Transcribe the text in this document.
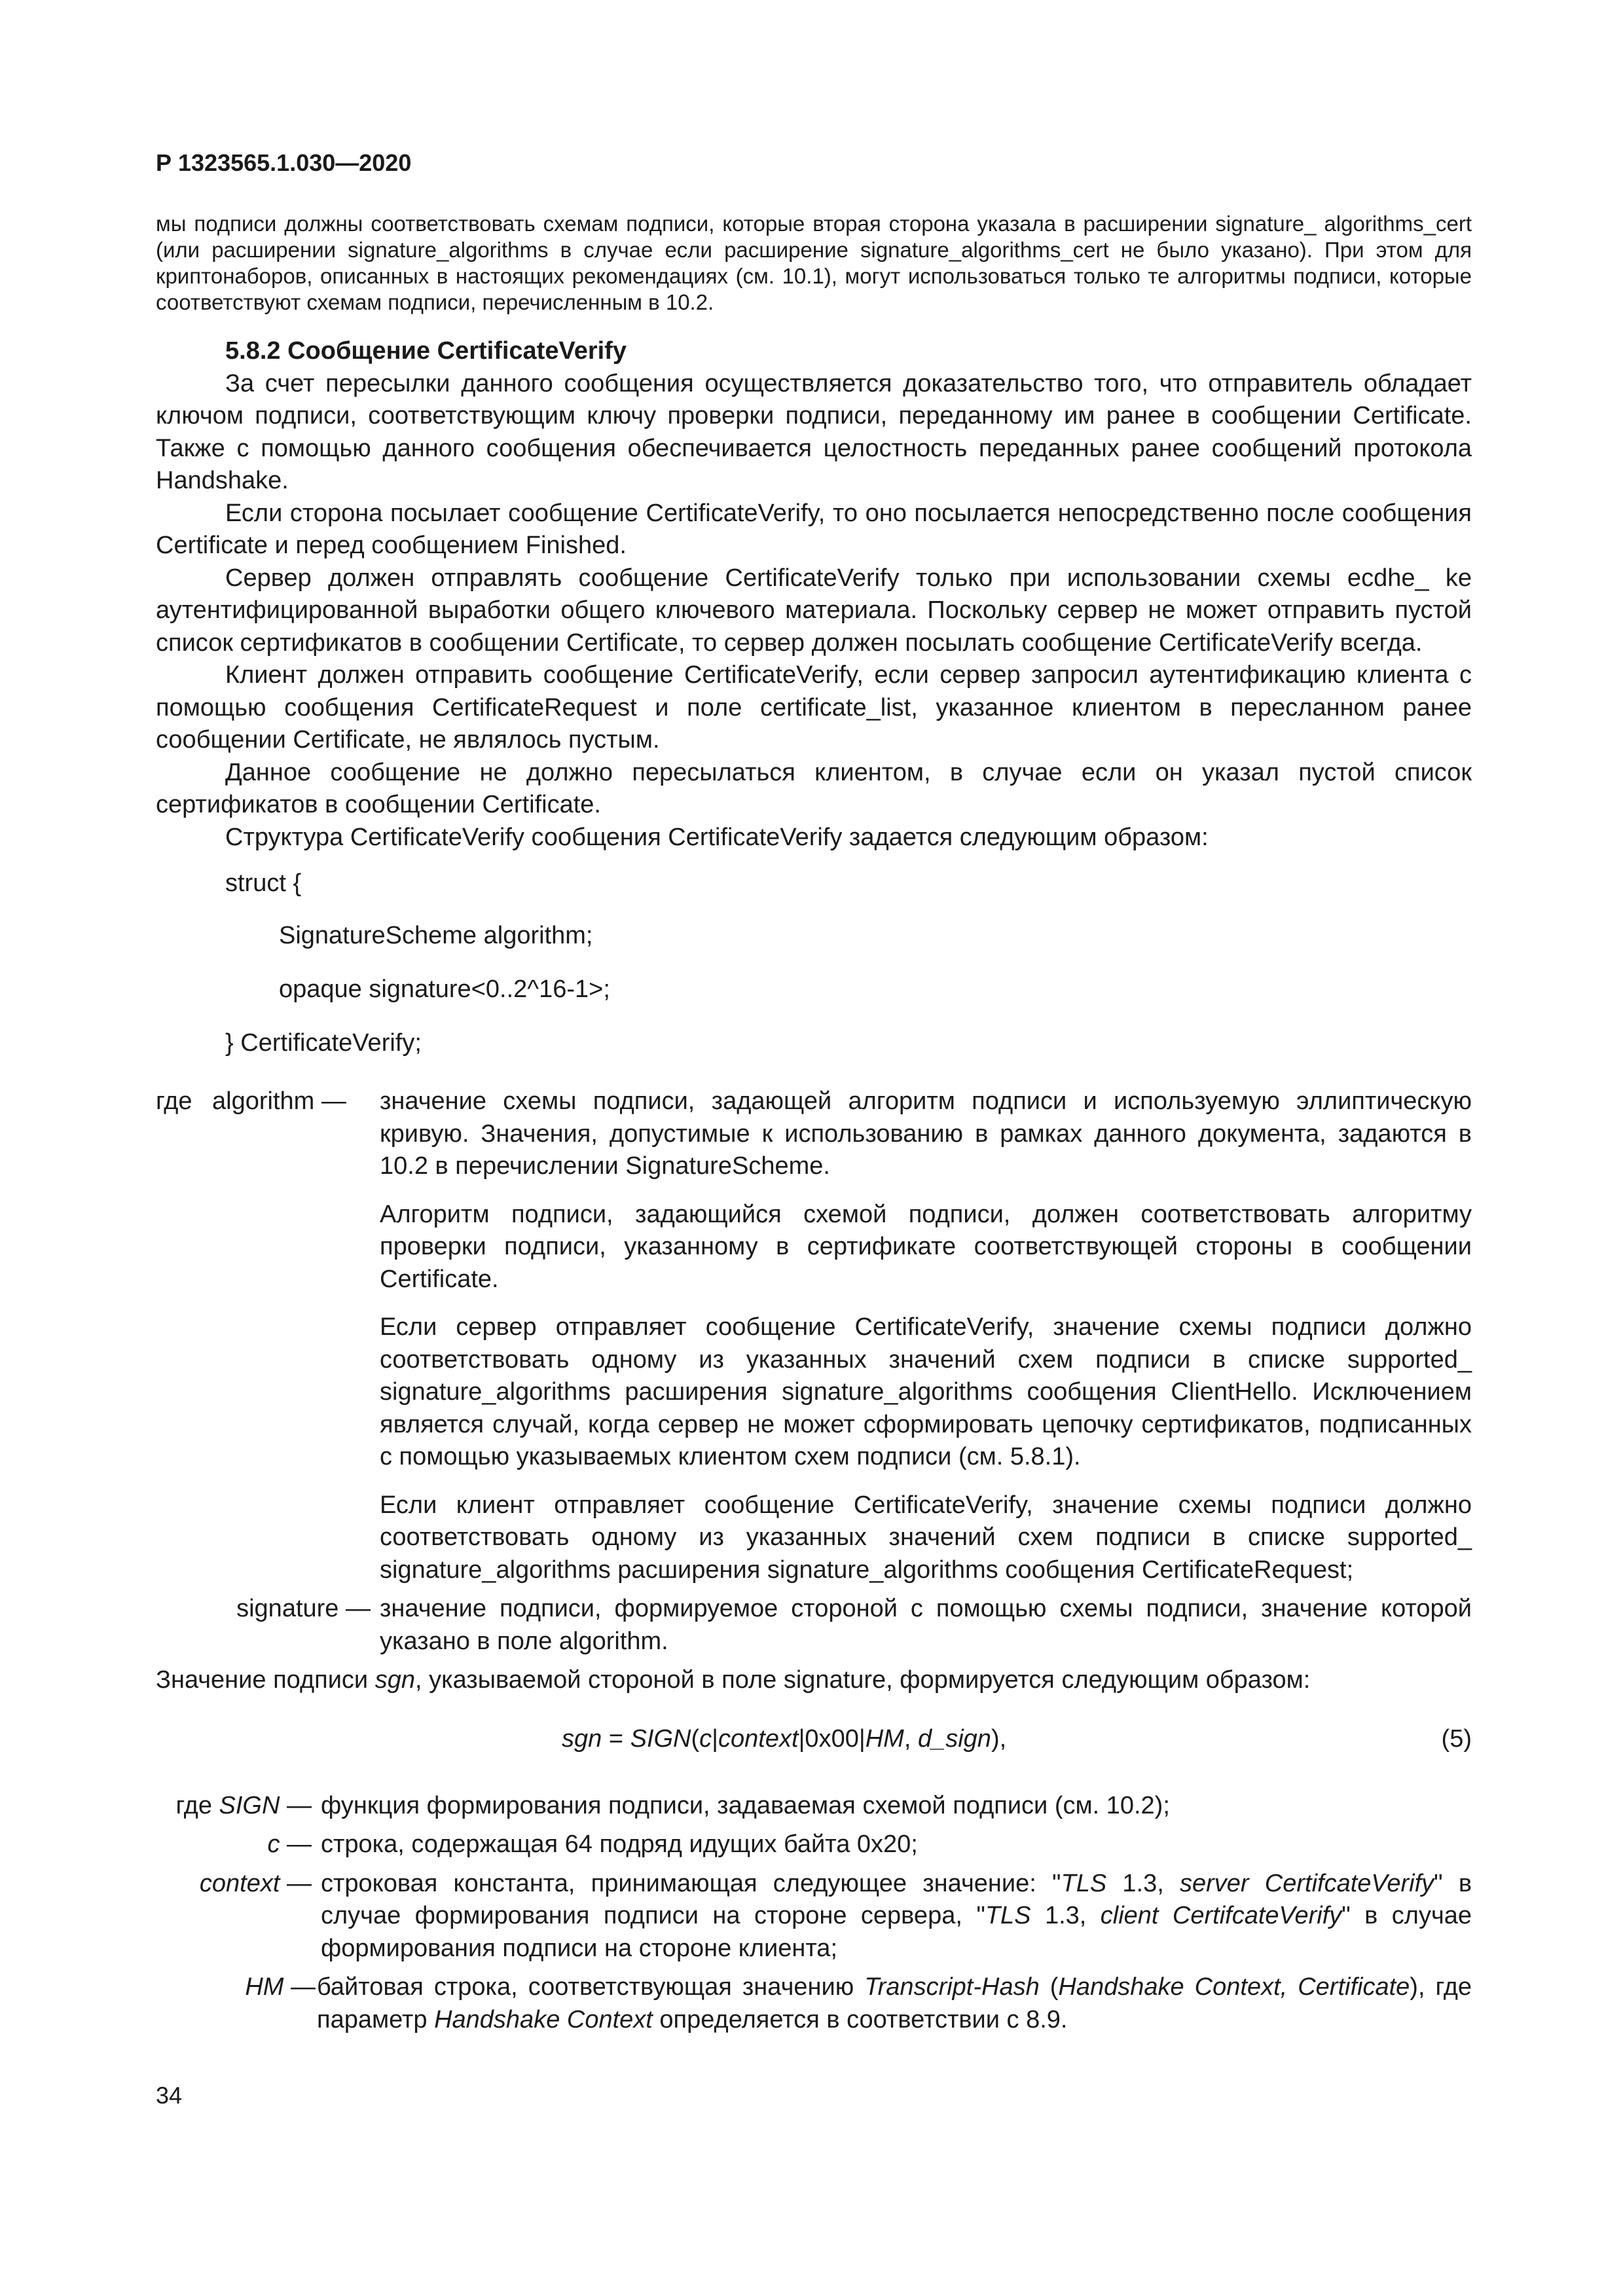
Р 1323565.1.030—2020

мы подписи должны соответствовать схемам подписи, которые вторая сторона указала в расширении signature_ algorithms_cert (или расширении signature_algorithms в случае если расширение signature_algorithms_cert не было указано). При этом для криптонаборов, описанных в настоящих рекомендациях (см. 10.1), могут использоваться только те алгоритмы подписи, которые соответствуют схемам подписи, перечисленным в 10.2.

5.8.2 Сообщение CertificateVerify

За счет пересылки данного сообщения осуществляется доказательство того, что отправитель обладает ключом подписи, соответствующим ключу проверки подписи, переданному им ранее в сообщении Certificate. Также с помощью данного сообщения обеспечивается целостность переданных ранее сообщений протокола Handshake.

Если сторона посылает сообщение CertificateVerify, то оно посылается непосредственно после сообщения Certificate и перед сообщением Finished.

Сервер должен отправлять сообщение CertificateVerify только при использовании схемы ecdhe_ ke аутентифицированной выработки общего ключевого материала. Поскольку сервер не может отправить пустой список сертификатов в сообщении Certificate, то сервер должен посылать сообщение CertificateVerify всегда.

Клиент должен отправить сообщение CertificateVerify, если сервер запросил аутентификацию клиента с помощью сообщения CertificateRequest и поле certificate_list, указанное клиентом в пересланном ранее сообщении Certificate, не являлось пустым.

Данное сообщение не должно пересылаться клиентом, в случае если он указал пустой список сертификатов в сообщении Certificate.

Структура CertificateVerify сообщения CertificateVerify задается следующим образом:

struct {
SignatureScheme algorithm;
opaque signature<0..2^16-1>;
} CertificateVerify;
где algorithm —	значение схемы подписи, задающей алгоритм подписи и используемую эллиптическую кривую. Значения, допустимые к использованию в рамках данного документа, задаются в 10.2 в перечислении SignatureScheme.

Алгоритм подписи, задающийся схемой подписи, должен соответствовать алгоритму проверки подписи, указанному в сертификате соответствующей стороны в сообщении Certificate.

Если сервер отправляет сообщение CertificateVerify, значение схемы подписи должно соответствовать одному из указанных значений схем подписи в списке supported_ signature_algorithms расширения signature_algorithms сообщения ClientHello. Исключением является случай, когда сервер не может сформировать цепочку сертификатов, подписанных с помощью указываемых клиентом схем подписи (см. 5.8.1).

Если клиент отправляет сообщение CertificateVerify, значение схемы подписи должно соответствовать одному из указанных значений схем подписи в списке supported_ signature_algorithms расширения signature_algorithms сообщения CertificateRequest;

signature — значение подписи, формируемое стороной с помощью схемы подписи, значение которой указано в поле algorithm.

Значение подписи sgn, указываемой стороной в поле signature, формируется следующим образом:

sgn = SIGN(c|context|0x00|HM, d_sign),	(5)
где SIGN — функция формирования подписи, задаваемая схемой подписи (см. 10.2);
c — строка, содержащая 64 подряд идущих байта 0x20;
context — строковая константа, принимающая следующее значение: "TLS 1.3, server CertifcateVerify" в случае формирования подписи на стороне сервера, "TLS 1.3, client CertifcateVerify" в случае формирования подписи на стороне клиента;
HM — байтовая строка, соответствующая значению Transcript-Hash (Handshake Context, Certificate), где параметр Handshake Context определяется в соответствии с 8.9.
34
